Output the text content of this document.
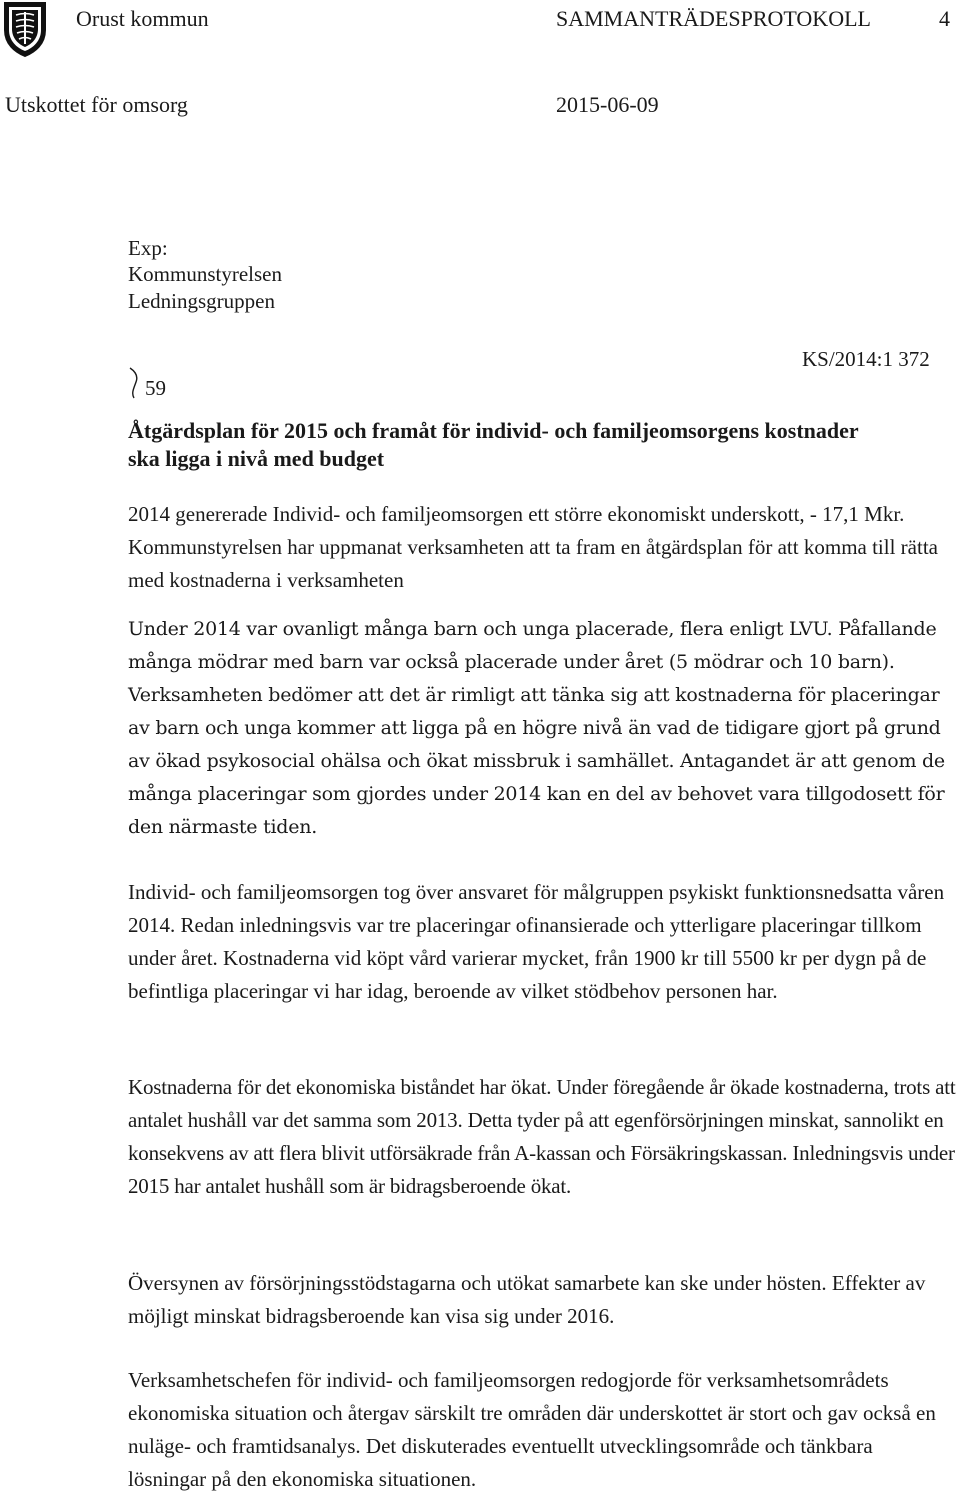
Orust kommun	SAMMANTRÄDESPROTOKOLL	4
Utskottet för omsorg	2015-06-09
Exp:
Kommunstyrelsen
Ledningsgruppen
KS/2014:1 372
59
Åtgärdsplan för 2015 och framåt för individ- och familjeomsorgens kostnader
ska ligga i nivå med budget

2014 genererade Individ- och familjeomsorgen ett större ekonomiskt underskott, - 17,1 Mkr. Kommunstyrelsen har uppmanat verksamheten att ta fram en åtgärdsplan för att komma till rätta med kostnaderna i verksamheten

Under 2014 var ovanligt många barn och unga placerade, flera enligt LVU. Påfallande många mödrar med barn var också placerade under året (5 mödrar och 10 barn). Verksamheten bedömer att det är rimligt att tänka sig att kostnaderna för placeringar av barn och unga kommer att ligga på en högre nivå än vad de tidigare gjort på grund av ökad psykosocial ohälsa och ökat missbruk i samhället. Antagandet är att genom de många placeringar som gjordes under 2014 kan en del av behovet vara tillgodosett för den närmaste tiden.

Individ- och familjeomsorgen tog över ansvaret för målgruppen psykiskt funktionsnedsatta våren 2014. Redan inledningsvis var tre placeringar ofinansierade och ytterligare placeringar tillkom under året. Kostnaderna vid köpt vård varierar mycket, från 1900 kr till 5500 kr per dygn på de befintliga placeringar vi har idag, beroende av vilket stödbehov personen har.

Kostnaderna för det ekonomiska biståndet har ökat. Under föregående år ökade kostnaderna, trots att antalet hushåll var det samma som 2013. Detta tyder på att egenförsörjningen minskat, sannolikt en konsekvens av att flera blivit utförsäkrade från A-kassan och Försäkringskassan. Inledningsvis under 2015 har antalet hushåll som är bidragsberoende ökat.

Översynen av försörjningsstödstagarna och utökat samarbete kan ske under hösten. Effekter av möjligt minskat bidragsberoende kan visa sig under 2016.

Verksamhetschefen för individ- och familjeomsorgen redogjorde för verksamhetsområdets ekonomiska situation och återgav särskilt tre områden där underskottet är stort och gav också en nuläge- och framtidsanalys. Det diskuterades eventuellt utvecklingsområde och tänkbara lösningar på den ekonomiska situationen.
